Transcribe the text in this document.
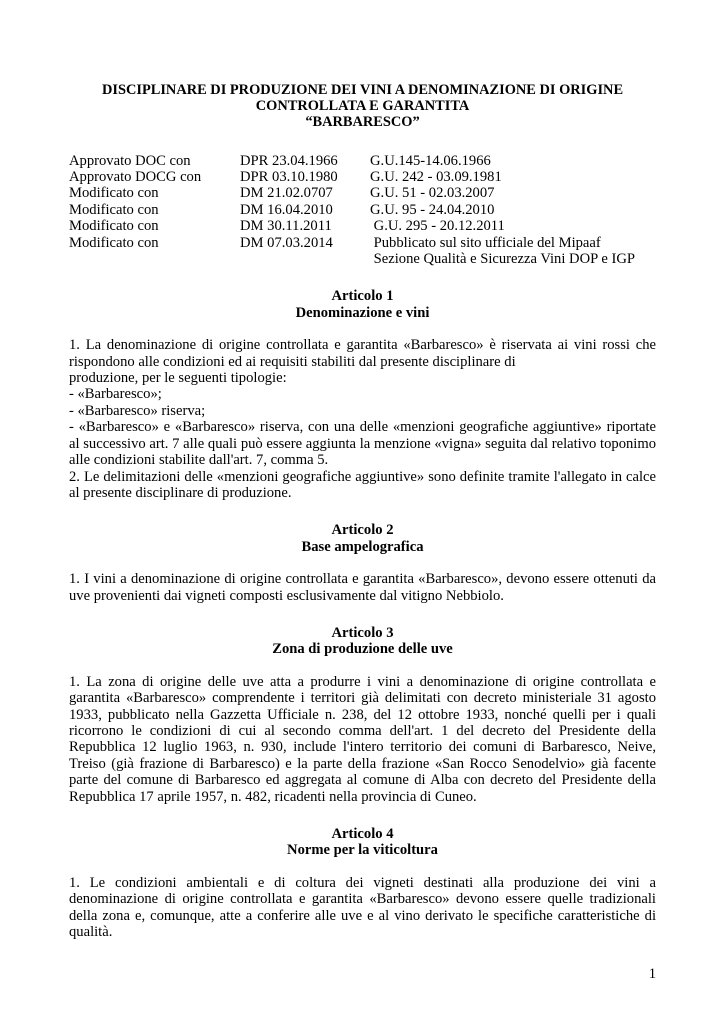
DISCIPLINARE DI PRODUZIONE DEI VINI A DENOMINAZIONE DI ORIGINE
CONTROLLATA E GARANTITA
“BARBARESCO”
Approvato DOC con	DPR 23.04.1966	G.U.145-14.06.1966
Approvato DOCG con	DPR 03.10.1980	G.U. 242 - 03.09.1981
Modificato con	DM 21.02.0707	G.U. 51 - 02.03.2007
Modificato con	DM 16.04.2010	G.U. 95 - 24.04.2010
Modificato con	DM 30.11.2011	G.U. 295 - 20.12.2011
Modificato con	DM 07.03.2014	Pubblicato sul sito ufficiale del Mipaaf
Sezione Qualità e Sicurezza Vini DOP e IGP
Articolo 1
Denominazione e vini

1. La denominazione di origine controllata e garantita «Barbaresco» è riservata ai vini rossi che

rispondono alle condizioni ed ai requisiti stabiliti dal presente disciplinare di

produzione, per le seguenti tipologie:

- «Barbaresco»;

- «Barbaresco» riserva;

- «Barbaresco» e «Barbaresco» riserva, con una delle «menzioni geografiche aggiuntive» riportate al successivo art. 7 alle quali può essere aggiunta la menzione «vigna» seguita dal relativo toponimo alle condizioni stabilite dall'art. 7, comma 5.

2. Le delimitazioni delle «menzioni geografiche aggiuntive» sono definite tramite l'allegato in calce al presente disciplinare di produzione.

Articolo 2
Base ampelografica

1. I vini a denominazione di origine controllata e garantita «Barbaresco», devono essere ottenuti da uve provenienti dai vigneti composti esclusivamente dal vitigno Nebbiolo.

Articolo 3
Zona di produzione delle uve

1. La zona di origine delle uve atta a produrre i vini a denominazione di origine controllata e garantita «Barbaresco» comprendente i territori già delimitati con decreto ministeriale 31 agosto 1933, pubblicato nella Gazzetta Ufficiale n. 238, del 12 ottobre 1933, nonché quelli per i quali ricorrono le condizioni di cui al secondo comma dell'art. 1 del decreto del Presidente della Repubblica 12 luglio 1963, n. 930, include l'intero territorio dei comuni di Barbaresco, Neive, Treiso (già frazione di Barbaresco) e la parte della frazione «San Rocco Senodelvio» già facente parte del comune di Barbaresco ed aggregata al comune di Alba con decreto del Presidente della Repubblica 17 aprile 1957, n. 482, ricadenti nella provincia di Cuneo.

Articolo 4
Norme per la viticoltura

1. Le condizioni ambientali e di coltura dei vigneti destinati alla produzione dei vini a denominazione di origine controllata e garantita «Barbaresco» devono essere quelle tradizionali della zona e, comunque, atte a conferire alle uve e al vino derivato le specifiche caratteristiche di qualità.

1
